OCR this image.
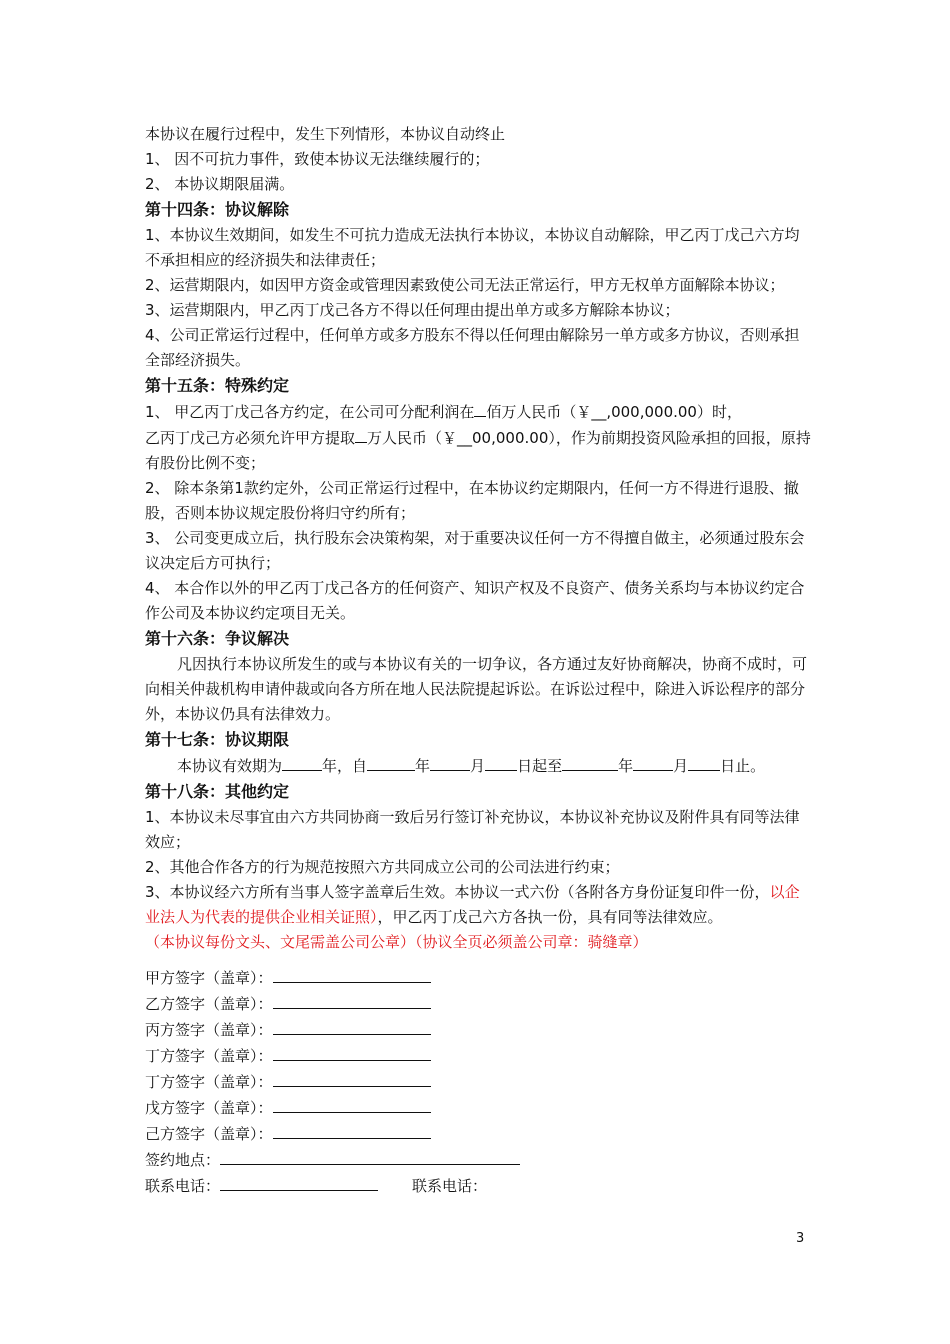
本协议在履行过程中，发生下列情形，本协议自动终止

1、 因不可抗力事件，致使本协议无法继续履行的；

2、 本协议期限届满。

第十四条：协议解除

1、本协议生效期间，如发生不可抗力造成无法执行本协议，本协议自动解除，甲乙丙丁戊己六方均不承担相应的经济损失和法律责任；

2、运营期限内，如因甲方资金或管理因素致使公司无法正常运行，甲方无权单方面解除本协议；

3、运营期限内，甲乙丙丁戊己各方不得以任何理由提出单方或多方解除本协议；

4、公司正常运行过程中，任何单方或多方股东不得以任何理由解除另一单方或多方协议，否则承担全部经济损失。

第十五条：特殊约定

1、 甲乙丙丁戊己各方约定，在公司可分配利润在 佰万人民币（￥__,000,000.00）时，
乙丙丁戊己方必须允许甲方提取 万人民币（￥__00,000.00），作为前期投资风险承担的回报，原持有股份比例不变；

2、 除本条第1款约定外，公司正常运行过程中，在本协议约定期限内，任何一方不得进行退股、撤股，否则本协议规定股份将归守约所有；

3、 公司变更成立后，执行股东会决策构架，对于重要决议任何一方不得擅自做主，必须通过股东会议决定后方可执行；

4、 本合作以外的甲乙丙丁戊己各方的任何资产、知识产权及不良资产、债务关系均与本协议约定合作公司及本协议约定项目无关。

第十六条：争议解决

凡因执行本协议所发生的或与本协议有关的一切争议，各方通过友好协商解决，协商不成时，可向相关仲裁机构申请仲裁或向各方所在地人民法院提起诉讼。在诉讼过程中，除进入诉讼程序的部分外，本协议仍具有法律效力。

第十七条：协议期限

本协议有效期为	年，自	年	月 日起至	年	月 日止。

第十八条：其他约定

1、本协议未尽事宜由六方共同协商一致后另行签订补充协议，本协议补充协议及附件具有同等法律效应；

2、其他合作各方的行为规范按照六方共同成立公司的公司法进行约束；

3、本协议经六方所有当事人签字盖章后生效。本协议一式六份（各附各方身份证复印件一份，以企业法人为代表的提供企业相关证照），甲乙丙丁戊己六方各执一份，具有同等法律效应。

（本协议每份文头、文尾需盖公司公章）（协议全页必须盖公司章：骑缝章）

甲方签字（盖章）：

乙方签字（盖章）：

丙方签字（盖章）：

丁方签字（盖章）：

丁方签字（盖章）：

戊方签字（盖章）：

己方签字（盖章）：

签约地点：

联系电话：	联系电话：

3
